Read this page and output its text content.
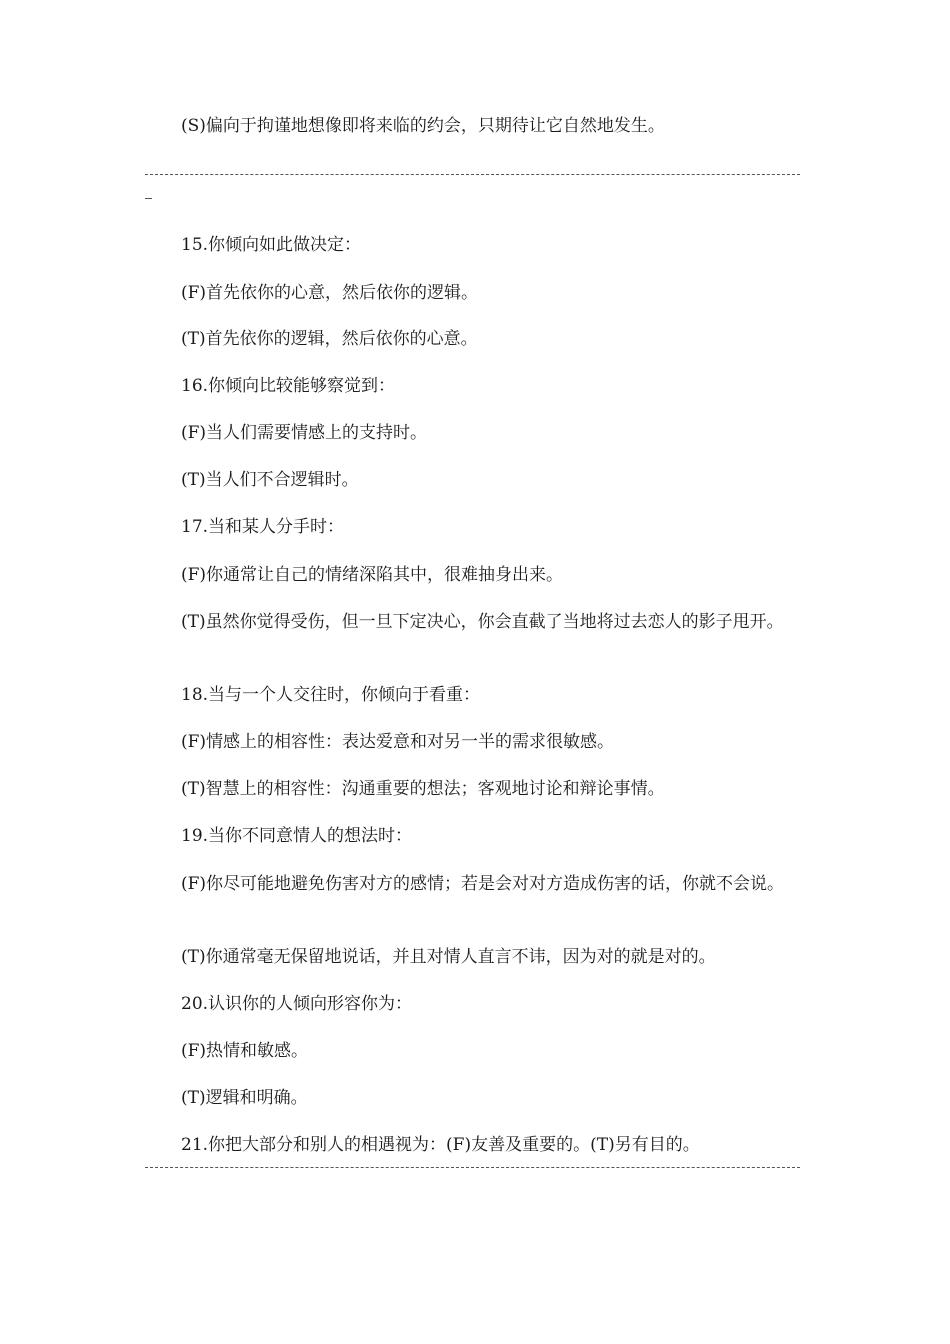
(S)偏向于拘谨地想像即将来临的约会，只期待让它自然地发生。
15.你倾向如此做决定：
(F)首先依你的心意，然后依你的逻辑。
(T)首先依你的逻辑，然后依你的心意。
16.你倾向比较能够察觉到：
(F)当人们需要情感上的支持时。
(T)当人们不合逻辑时。
17.当和某人分手时：
(F)你通常让自己的情绪深陷其中，很难抽身出来。
(T)虽然你觉得受伤，但一旦下定决心，你会直截了当地将过去恋人的影子甩开。
18.当与一个人交往时，你倾向于看重：
(F)情感上的相容性：表达爱意和对另一半的需求很敏感。
(T)智慧上的相容性：沟通重要的想法；客观地讨论和辩论事情。
19.当你不同意情人的想法时：
(F)你尽可能地避免伤害对方的感情；若是会对对方造成伤害的话，你就不会说。
(T)你通常毫无保留地说话，并且对情人直言不讳，因为对的就是对的。
20.认识你的人倾向形容你为：
(F)热情和敏感。
(T)逻辑和明确。
21.你把大部分和别人的相遇视为：(F)友善及重要的。(T)另有目的。
